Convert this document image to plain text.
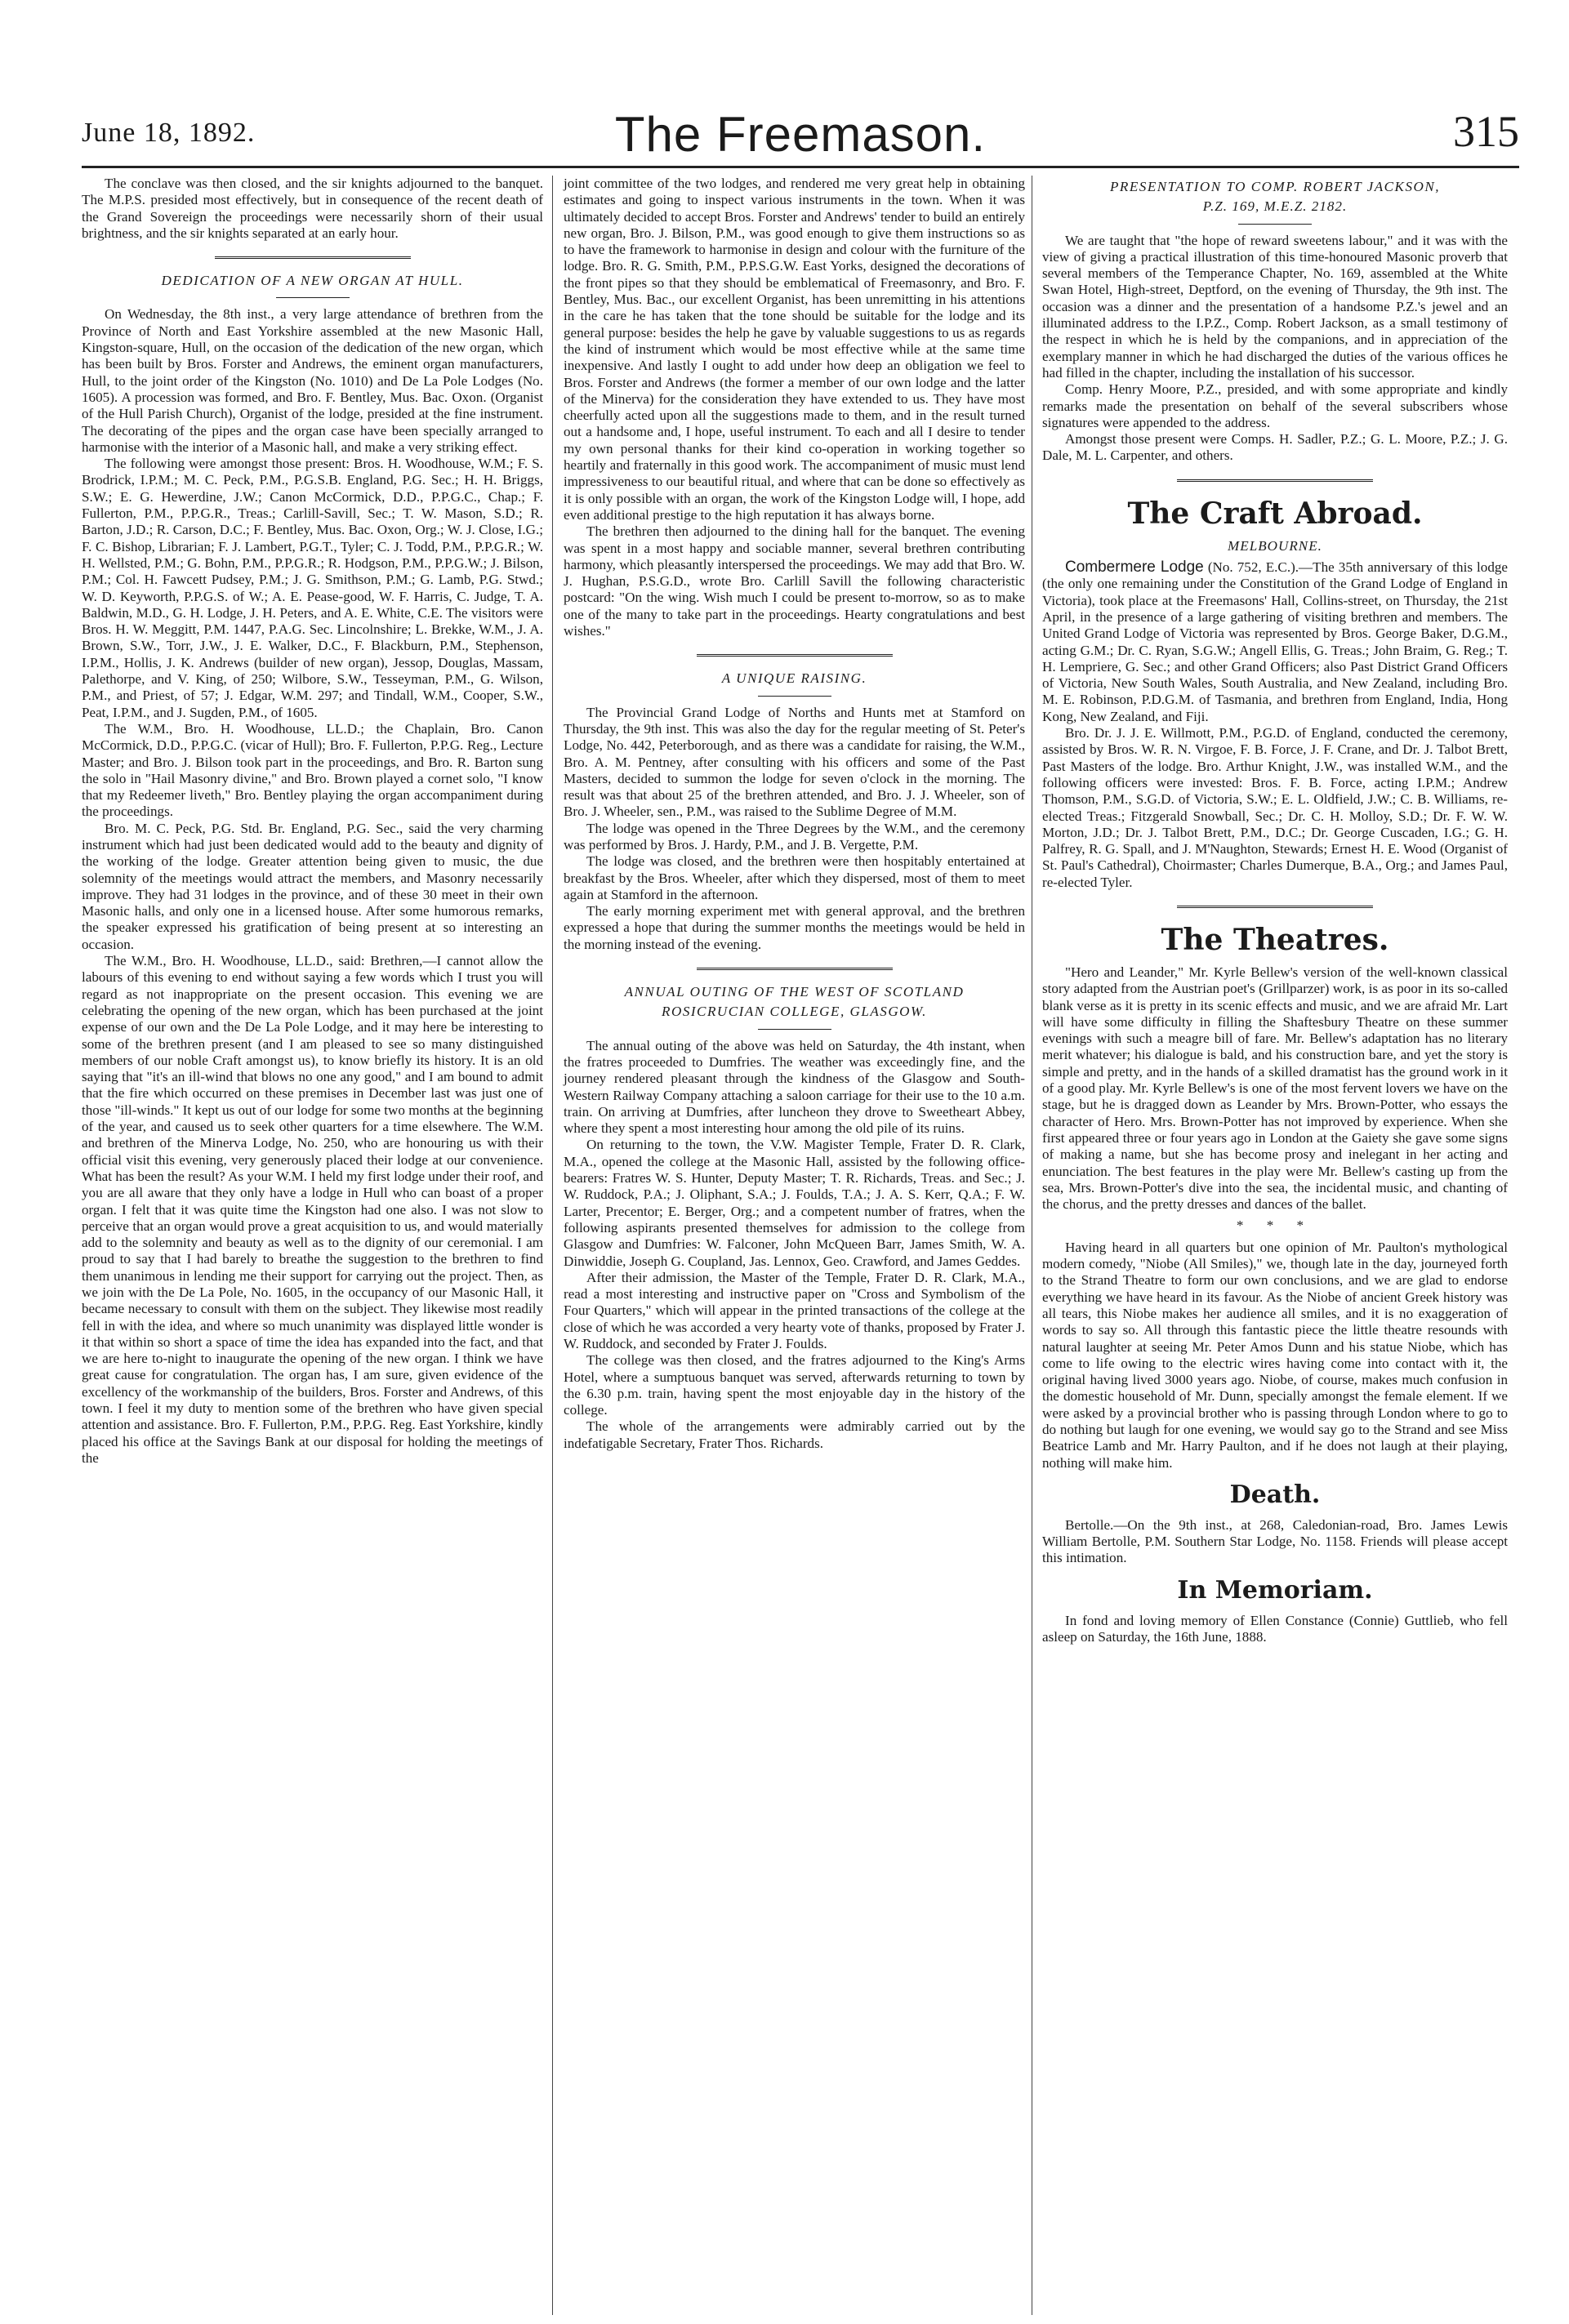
June 18, 1892.	The Freemason.	315

The conclave was then closed, and the sir knights adjourned to the banquet. The M.P.S. presided most effectively, but in consequence of the recent death of the Grand Sovereign the proceedings were necessarily shorn of their usual brightness, and the sir knights separated at an early hour.

DEDICATION OF A NEW ORGAN AT HULL.

On Wednesday, the 8th inst., a very large attendance of brethren from the Province of North and East Yorkshire assembled at the new Masonic Hall, Kingston-square, Hull, on the occasion of the dedication of the new organ, which has been built by Bros. Forster and Andrews, the eminent organ manufacturers, Hull, to the joint order of the Kingston (No. 1010) and De La Pole Lodges (No. 1605). A procession was formed, and Bro. F. Bentley, Mus. Bac. Oxon. (Organist of the Hull Parish Church), Organist of the lodge, presided at the fine instrument. The decorating of the pipes and the organ case have been specially arranged to harmonise with the interior of a Masonic hall, and make a very striking effect.

The following were amongst those present: Bros. H. Woodhouse, W.M.; F. S. Brodrick, I.P.M.; M. C. Peck, P.M., P.G.S.B. England, P.G. Sec.; H. H. Briggs, S.W.; E. G. Hewerdine, J.W.; Canon McCormick, D.D., P.P.G.C., Chap.; F. Fullerton, P.M., P.P.G.R., Treas.; Carlill-Savill, Sec.; T. W. Mason, S.D.; R. Barton, J.D.; R. Carson, D.C.; F. Bentley, Mus. Bac. Oxon, Org.; W. J. Close, I.G.; F. C. Bishop, Librarian; F. J. Lambert, P.G.T., Tyler; C. J. Todd, P.M., P.P.G.R.; W. H. Wellsted, P.M.; G. Bohn, P.M., P.P.G.R.; R. Hodgson, P.M., P.P.G.W.; J. Bilson, P.M.; Col. H. Fawcett Pudsey, P.M.; J. G. Smithson, P.M.; G. Lamb, P.G. Stwd.; W. D. Keyworth, P.P.G.S. of W.; A. E. Pease-good, W. F. Harris, C. Judge, T. A. Baldwin, M.D., G. H. Lodge, J. H. Peters, and A. E. White, C.E. The visitors were Bros. H. W. Meggitt, P.M. 1447, P.A.G. Sec. Lincolnshire; L. Brekke, W.M., J. A. Brown, S.W., Torr, J.W., J. E. Walker, D.C., F. Blackburn, P.M., Stephenson, I.P.M., Hollis, J. K. Andrews (builder of new organ), Jessop, Douglas, Massam, Palethorpe, and V. King, of 250; Wilbore, S.W., Tesseyman, P.M., G. Wilson, P.M., and Priest, of 57; J. Edgar, W.M. 297; and Tindall, W.M., Cooper, S.W., Peat, I.P.M., and J. Sugden, P.M., of 1605.

The W.M., Bro. H. Woodhouse, LL.D.; the Chaplain, Bro. Canon McCormick, D.D., P.P.G.C. (vicar of Hull); Bro. F. Fullerton, P.P.G. Reg., Lecture Master; and Bro. J. Bilson took part in the proceedings, and Bro. R. Barton sung the solo in "Hail Masonry divine," and Bro. Brown played a cornet solo, "I know that my Redeemer liveth," Bro. Bentley playing the organ accompaniment during the proceedings.

Bro. M. C. Peck, P.G. Std. Br. England, P.G. Sec., said the very charming instrument which had just been dedicated would add to the beauty and dignity of the working of the lodge. Greater attention being given to music, the due solemnity of the meetings would attract the members, and Masonry necessarily improve. They had 31 lodges in the province, and of these 30 meet in their own Masonic halls, and only one in a licensed house. After some humorous remarks, the speaker expressed his gratification of being present at so interesting an occasion.

The W.M., Bro. H. Woodhouse, LL.D., said: Brethren,—I cannot allow the labours of this evening to end without saying a few words which I trust you will regard as not inappropriate on the present occasion. This evening we are celebrating the opening of the new organ, which has been purchased at the joint expense of our own and the De La Pole Lodge, and it may here be interesting to some of the brethren present (and I am pleased to see so many distinguished members of our noble Craft amongst us), to know briefly its history. It is an old saying that "it's an ill-wind that blows no one any good," and I am bound to admit that the fire which occurred on these premises in December last was just one of those "ill-winds." It kept us out of our lodge for some two months at the beginning of the year, and caused us to seek other quarters for a time elsewhere. The W.M. and brethren of the Minerva Lodge, No. 250, who are honouring us with their official visit this evening, very generously placed their lodge at our convenience. What has been the result? As your W.M. I held my first lodge under their roof, and you are all aware that they only have a lodge in Hull who can boast of a proper organ. I felt that it was quite time the Kingston had one also. I was not slow to perceive that an organ would prove a great acquisition to us, and would materially add to the solemnity and beauty as well as to the dignity of our ceremonial. I am proud to say that I had barely to breathe the suggestion to the brethren to find them unanimous in lending me their support for carrying out the project. Then, as we join with the De La Pole, No. 1605, in the occupancy of our Masonic Hall, it became necessary to consult with them on the subject. They likewise most readily fell in with the idea, and where so much unanimity was displayed little wonder is it that within so short a space of time the idea has expanded into the fact, and that we are here to-night to inaugurate the opening of the new organ. I think we have great cause for congratulation. The organ has, I am sure, given evidence of the excellency of the workmanship of the builders, Bros. Forster and Andrews, of this town. I feel it my duty to mention some of the brethren who have given special attention and assistance. Bro. F. Fullerton, P.M., P.P.G. Reg. East Yorkshire, kindly placed his office at the Savings Bank at our disposal for holding the meetings of the

joint committee of the two lodges, and rendered me very great help in obtaining estimates and going to inspect various instruments in the town. When it was ultimately decided to accept Bros. Forster and Andrews' tender to build an entirely new organ, Bro. J. Bilson, P.M., was good enough to give them instructions so as to have the framework to harmonise in design and colour with the furniture of the lodge. Bro. R. G. Smith, P.M., P.P.S.G.W. East Yorks, designed the decorations of the front pipes so that they should be emblematical of Freemasonry, and Bro. F. Bentley, Mus. Bac., our excellent Organist, has been unremitting in his attentions in the care he has taken that the tone should be suitable for the lodge and its general purpose: besides the help he gave by valuable suggestions to us as regards the kind of instrument which would be most effective while at the same time inexpensive. And lastly I ought to add under how deep an obligation we feel to Bros. Forster and Andrews (the former a member of our own lodge and the latter of the Minerva) for the consideration they have extended to us. They have most cheerfully acted upon all the suggestions made to them, and in the result turned out a handsome and, I hope, useful instrument. To each and all I desire to tender my own personal thanks for their kind co-operation in working together so heartily and fraternally in this good work. The accompaniment of music must lend impressiveness to our beautiful ritual, and where that can be done so effectively as it is only possible with an organ, the work of the Kingston Lodge will, I hope, add even additional prestige to the high reputation it has always borne.

The brethren then adjourned to the dining hall for the banquet. The evening was spent in a most happy and sociable manner, several brethren contributing harmony, which pleasantly interspersed the proceedings. We may add that Bro. W. J. Hughan, P.S.G.D., wrote Bro. Carlill Savill the following characteristic postcard: "On the wing. Wish much I could be present to-morrow, so as to make one of the many to take part in the proceedings. Hearty congratulations and best wishes."

A UNIQUE RAISING.

The Provincial Grand Lodge of Norths and Hunts met at Stamford on Thursday, the 9th inst. This was also the day for the regular meeting of St. Peter's Lodge, No. 442, Peterborough, and as there was a candidate for raising, the W.M., Bro. A. M. Pentney, after consulting with his officers and some of the Past Masters, decided to summon the lodge for seven o'clock in the morning. The result was that about 25 of the brethren attended, and Bro. J. J. Wheeler, son of Bro. J. Wheeler, sen., P.M., was raised to the Sublime Degree of M.M.

The lodge was opened in the Three Degrees by the W.M., and the ceremony was performed by Bros. J. Hardy, P.M., and J. B. Vergette, P.M.

The lodge was closed, and the brethren were then hospitably entertained at breakfast by the Bros. Wheeler, after which they dispersed, most of them to meet again at Stamford in the afternoon.

The early morning experiment met with general approval, and the brethren expressed a hope that during the summer months the meetings would be held in the morning instead of the evening.

ANNUAL OUTING OF THE WEST OF SCOTLAND

ROSICRUCIAN COLLEGE, GLASGOW.

The annual outing of the above was held on Saturday, the 4th instant, when the fratres proceeded to Dumfries. The weather was exceedingly fine, and the journey rendered pleasant through the kindness of the Glasgow and South-Western Railway Company attaching a saloon carriage for their use to the 10 a.m. train. On arriving at Dumfries, after luncheon they drove to Sweetheart Abbey, where they spent a most interesting hour among the old pile of its ruins.

On returning to the town, the V.W. Magister Temple, Frater D. R. Clark, M.A., opened the college at the Masonic Hall, assisted by the following office-bearers: Fratres W. S. Hunter, Deputy Master; T. R. Richards, Treas. and Sec.; J. W. Ruddock, P.A.; J. Oliphant, S.A.; J. Foulds, T.A.; J. A. S. Kerr, Q.A.; F. W. Larter, Precentor; E. Berger, Org.; and a competent number of fratres, when the following aspirants presented themselves for admission to the college from Glasgow and Dumfries: W. Falconer, John McQueen Barr, James Smith, W. A. Dinwiddie, Joseph G. Coupland, Jas. Lennox, Geo. Crawford, and James Geddes.

After their admission, the Master of the Temple, Frater D. R. Clark, M.A., read a most interesting and instructive paper on "Cross and Symbolism of the Four Quarters," which will appear in the printed transactions of the college at the close of which he was accorded a very hearty vote of thanks, proposed by Frater J. W. Ruddock, and seconded by Frater J. Foulds.

The college was then closed, and the fratres adjourned to the King's Arms Hotel, where a sumptuous banquet was served, afterwards returning to town by the 6.30 p.m. train, having spent the most enjoyable day in the history of the college.

The whole of the arrangements were admirably carried out by the indefatigable Secretary, Frater Thos. Richards.

PRESENTATION TO COMP. ROBERT JACKSON,

P.Z. 169, M.E.Z. 2182.

We are taught that "the hope of reward sweetens labour," and it was with the view of giving a practical illustration of this time-honoured Masonic proverb that several members of the Temperance Chapter, No. 169, assembled at the White Swan Hotel, High-street, Deptford, on the evening of Thursday, the 9th inst. The occasion was a dinner and the presentation of a handsome P.Z.'s jewel and an illuminated address to the I.P.Z., Comp. Robert Jackson, as a small testimony of the respect in which he is held by the companions, and in appreciation of the exemplary manner in which he had discharged the duties of the various offices he had filled in the chapter, including the installation of his successor.

Comp. Henry Moore, P.Z., presided, and with some appropriate and kindly remarks made the presentation on behalf of the several subscribers whose signatures were appended to the address.

Amongst those present were Comps. H. Sadler, P.Z.; G. L. Moore, P.Z.; J. G. Dale, M. L. Carpenter, and others.

The Craft Abroad.

MELBOURNE.

Combermere Lodge (No. 752, E.C.).—The 35th anniversary of this lodge (the only one remaining under the Constitution of the Grand Lodge of England in Victoria), took place at the Freemasons' Hall, Collins-street, on Thursday, the 21st April, in the presence of a large gathering of visiting brethren and members. The United Grand Lodge of Victoria was represented by Bros. George Baker, D.G.M., acting G.M.; Dr. C. Ryan, S.G.W.; Angell Ellis, G. Treas.; John Braim, G. Reg.; T. H. Lempriere, G. Sec.; and other Grand Officers; also Past District Grand Officers of Victoria, New South Wales, South Australia, and New Zealand, including Bro. M. E. Robinson, P.D.G.M. of Tasmania, and brethren from England, India, Hong Kong, New Zealand, and Fiji.

Bro. Dr. J. J. E. Willmott, P.M., P.G.D. of England, conducted the ceremony, assisted by Bros. W. R. N. Virgoe, F. B. Force, J. F. Crane, and Dr. J. Talbot Brett, Past Masters of the lodge. Bro. Arthur Knight, J.W., was installed W.M., and the following officers were invested: Bros. F. B. Force, acting I.P.M.; Andrew Thomson, P.M., S.G.D. of Victoria, S.W.; E. L. Oldfield, J.W.; C. B. Williams, re-elected Treas.; Fitzgerald Snowball, Sec.; Dr. C. H. Molloy, S.D.; Dr. F. W. W. Morton, J.D.; Dr. J. Talbot Brett, P.M., D.C.; Dr. George Cuscaden, I.G.; G. H. Palfrey, R. G. Spall, and J. M'Naughton, Stewards; Ernest H. E. Wood (Organist of St. Paul's Cathedral), Choirmaster; Charles Dumerque, B.A., Org.; and James Paul, re-elected Tyler.

The Theatres.

"Hero and Leander," Mr. Kyrle Bellew's version of the well-known classical story adapted from the Austrian poet's (Grillparzer) work, is as poor in its so-called blank verse as it is pretty in its scenic effects and music, and we are afraid Mr. Lart will have some difficulty in filling the Shaftesbury Theatre on these summer evenings with such a meagre bill of fare. Mr. Bellew's adaptation has no literary merit whatever; his dialogue is bald, and his construction bare, and yet the story is simple and pretty, and in the hands of a skilled dramatist has the ground work in it of a good play. Mr. Kyrle Bellew's is one of the most fervent lovers we have on the stage, but he is dragged down as Leander by Mrs. Brown-Potter, who essays the character of Hero. Mrs. Brown-Potter has not improved by experience. When she first appeared three or four years ago in London at the Gaiety she gave some signs of making a name, but she has become prosy and inelegant in her acting and enunciation. The best features in the play were Mr. Bellew's casting up from the sea, Mrs. Brown-Potter's dive into the sea, the incidental music, and chanting of the chorus, and the pretty dresses and dances of the ballet.

* * *

Having heard in all quarters but one opinion of Mr. Paulton's mythological modern comedy, "Niobe (All Smiles)," we, though late in the day, journeyed forth to the Strand Theatre to form our own conclusions, and we are glad to endorse everything we have heard in its favour. As the Niobe of ancient Greek history was all tears, this Niobe makes her audience all smiles, and it is no exaggeration of words to say so. All through this fantastic piece the little theatre resounds with natural laughter at seeing Mr. Peter Amos Dunn and his statue Niobe, which has come to life owing to the electric wires having come into contact with it, the original having lived 3000 years ago. Niobe, of course, makes much confusion in the domestic household of Mr. Dunn, specially amongst the female element. If we were asked by a provincial brother who is passing through London where to go to do nothing but laugh for one evening, we would say go to the Strand and see Miss Beatrice Lamb and Mr. Harry Paulton, and if he does not laugh at their playing, nothing will make him.

Death.

Bertolle.—On the 9th inst., at 268, Caledonian-road, Bro. James Lewis William Bertolle, P.M. Southern Star Lodge, No. 1158. Friends will please accept this intimation.

In Memoriam.

In fond and loving memory of Ellen Constance (Connie) Guttlieb, who fell asleep on Saturday, the 16th June, 1888.
